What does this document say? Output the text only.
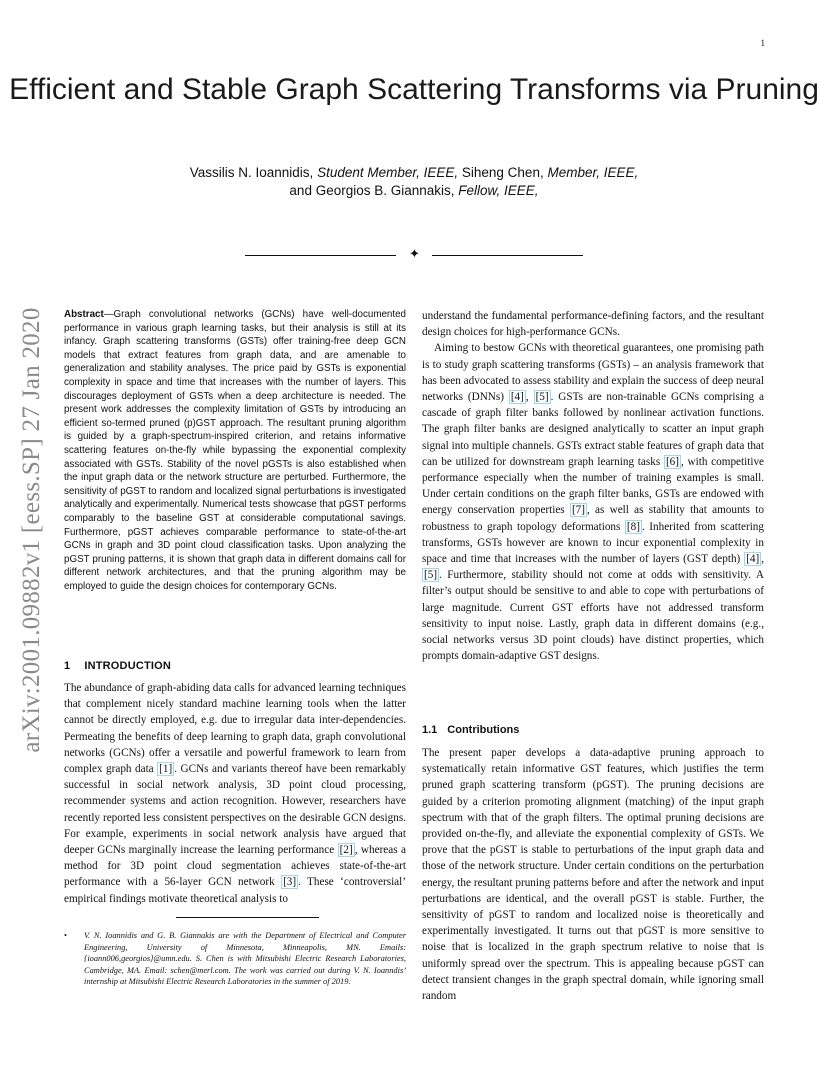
1
Efficient and Stable Graph Scattering Transforms via Pruning
Vassilis N. Ioannidis, Student Member, IEEE, Siheng Chen, Member, IEEE,
and Georgios B. Giannakis, Fellow, IEEE,
✦
arXiv:2001.09882v1 [eess.SP] 27 Jan 2020 Abstract—Graph convolutional networks (GCNs) have well-documented performance in various graph learning tasks, but their analysis is still at its infancy. Graph scattering transforms (GSTs) offer training-free deep GCN models that extract features from graph data, and are amenable to generalization and stability analyses. The price paid by GSTs is exponential complexity in space and time that increases with the number of layers. This discourages deployment of GSTs when a deep architecture is needed. The present work addresses the complexity limitation of GSTs by introducing an efficient so-termed pruned (p)GST approach. The resultant pruning algorithm is guided by a graph-spectrum-inspired criterion, and retains informative scattering features on-the-fly while bypassing the exponential complexity associated with GSTs. Stability of the novel pGSTs is also established when the input graph data or the network structure are perturbed. Furthermore, the sensitivity of pGST to random and localized signal perturbations is investigated analytically and experimentally. Numerical tests showcase that pGST performs comparably to the baseline GST at considerable computational savings. Furthermore, pGST achieves comparable performance to state-of-the-art GCNs in graph and 3D point cloud classification tasks. Upon analyzing the pGST pruning patterns, it is shown that graph data in different domains call for different network architectures, and that the pruning algorithm may be employed to guide the design choices for contemporary GCNs.
1 INTRODUCTION

The abundance of graph-abiding data calls for advanced learning techniques that complement nicely standard machine learning tools when the latter cannot be directly employed, e.g. due to irregular data inter-dependencies. Permeating the benefits of deep learning to graph data, graph convolutional networks (GCNs) offer a versatile and powerful framework to learn from complex graph data [1] . GCNs and variants thereof have been remarkably successful in social network analysis, 3D point cloud processing, recommender systems and action recognition. However, researchers have recently reported less consistent perspectives on the desirable GCN designs. For example, experiments in social network analysis have argued that deeper GCNs marginally increase the learning performance [2] , whereas a method for 3D point cloud segmentation achieves state-of-the-art performance with a 56-layer GCN network [3] . These ‘controversial’ empirical findings motivate theoretical analysis to

• V. N. Ioannidis and G. B. Giannakis are with the Department of Electrical and Computer Engineering, University of Minnesota, Minneapolis, MN. Emails: {ioann006,georgios}@umn.edu. S. Chen is with Mitsubishi Electric Research Laboratories, Cambridge, MA. Email: schen@merl.com. The work was carried out during V. N. Ioanndis’ internship at Mitsubishi Electric Research Laboratories in the summer of 2019.

understand the fundamental performance-defining factors, and the resultant design choices for high-performance GCNs.

Aiming to bestow GCNs with theoretical guarantees, one promising path is to study graph scattering transforms (GSTs) – an analysis framework that has been advocated to assess stability and explain the success of deep neural networks (DNNs) [4] , [5] . GSTs are non-trainable GCNs comprising a cascade of graph filter banks followed by nonlinear activation functions. The graph filter banks are designed analytically to scatter an input graph signal into multiple channels. GSTs extract stable features of graph data that can be utilized for downstream graph learning tasks [6] , with competitive performance especially when the number of training examples is small. Under certain conditions on the graph filter banks, GSTs are endowed with energy conservation properties [7] , as well as stability that amounts to robustness to graph topology deformations [8] . Inherited from scattering transforms, GSTs however are known to incur exponential complexity in space and time that increases with the number of layers (GST depth) [4] , [5] . Furthermore, stability should not come at odds with sensitivity. A filter’s output should be sensitive to and able to cope with perturbations of large magnitude. Current GST efforts have not addressed transform sensitivity to input noise. Lastly, graph data in different domains (e.g., social networks versus 3D point clouds) have distinct properties, which prompts domain-adaptive GST designs.

1.1 Contributions

The present paper develops a data-adaptive pruning approach to systematically retain informative GST features, which justifies the term pruned graph scattering transform (pGST). The pruning decisions are guided by a criterion promoting alignment (matching) of the input graph spectrum with that of the graph filters. The optimal pruning decisions are provided on-the-fly, and alleviate the exponential complexity of GSTs. We prove that the pGST is stable to perturbations of the input graph data and those of the network structure. Under certain conditions on the perturbation energy, the resultant pruning patterns before and after the network and input perturbations are identical, and the overall pGST is stable. Further, the sensitivity of pGST to random and localized noise is theoretically and experimentally investigated. It turns out that pGST is more sensitive to noise that is localized in the graph spectrum relative to noise that is uniformly spread over the spectrum. This is appealing because pGST can detect transient changes in the graph spectral domain, while ignoring small random
